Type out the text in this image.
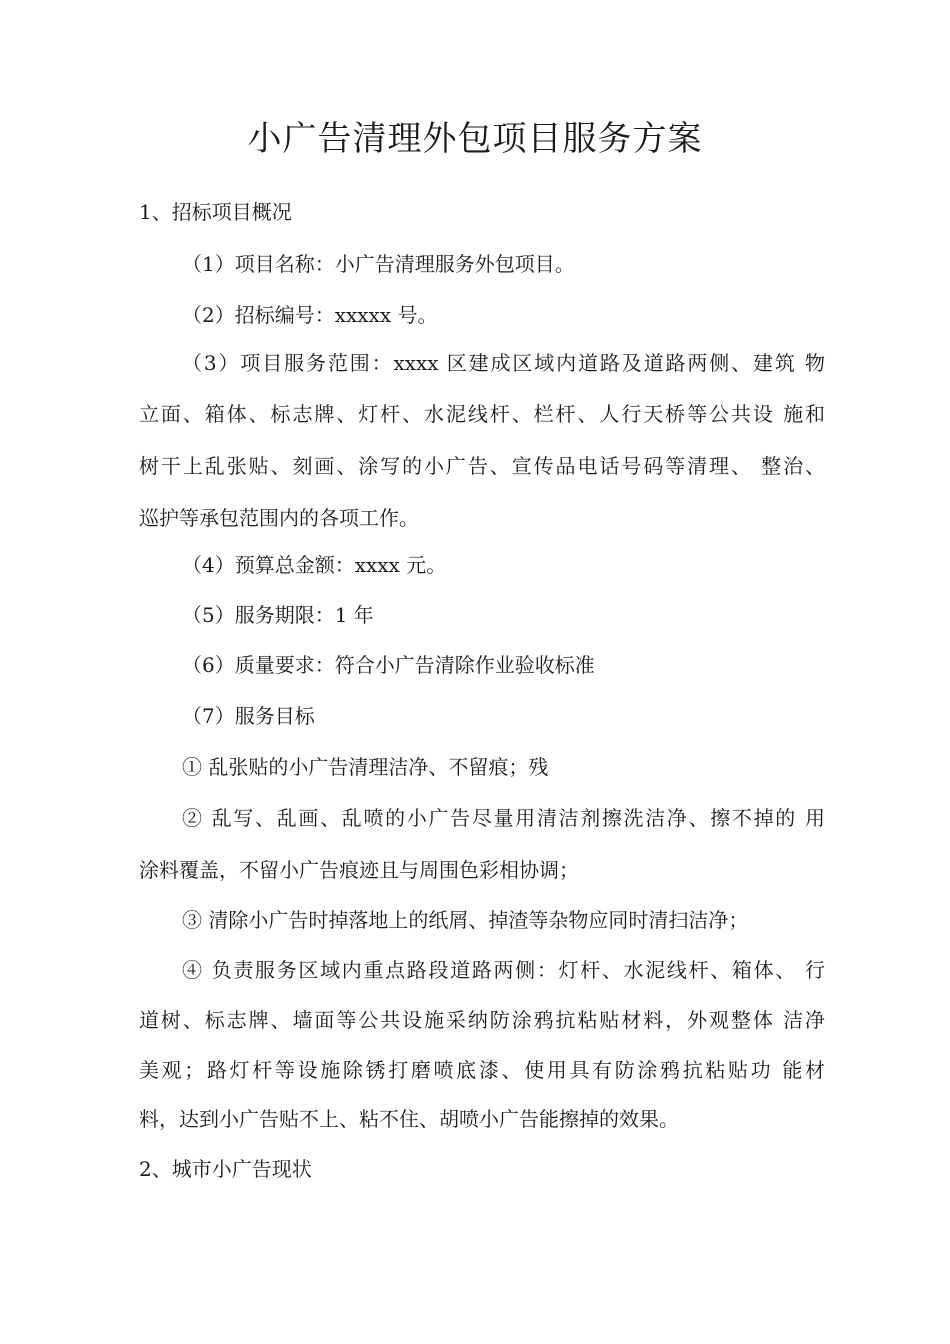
小广告清理外包项目服务方案
1、招标项目概况
（1）项目名称：小广告清理服务外包项目。
（2）招标编号：xxxxx 号。
（3）项目服务范围：xxxx 区建成区域内道路及道路两侧、建筑 物
立面、箱体、标志牌、灯杆、水泥线杆、栏杆、人行天桥等公共设 施和
树干上乱张贴、刻画、涂写的小广告、宣传品电话号码等清理、 整治、
巡护等承包范围内的各项工作。
（4）预算总金额：xxxx 元。
（5）服务期限：1 年
（6）质量要求：符合小广告清除作业验收标准
（7）服务目标
① 乱张贴的小广告清理洁净、不留痕；残
② 乱写、乱画、乱喷的小广告尽量用清洁剂擦洗洁净、擦不掉的 用
涂料覆盖，不留小广告痕迹且与周围色彩相协调；
③ 清除小广告时掉落地上的纸屑、掉渣等杂物应同时清扫洁净；
④ 负责服务区域内重点路段道路两侧：灯杆、水泥线杆、箱体、 行
道树、标志牌、墙面等公共设施采纳防涂鸦抗粘贴材料，外观整体 洁净
美观；路灯杆等设施除锈打磨喷底漆、使用具有防涂鸦抗粘贴功 能材
料，达到小广告贴不上、粘不住、胡喷小广告能擦掉的效果。
2、城市小广告现状
